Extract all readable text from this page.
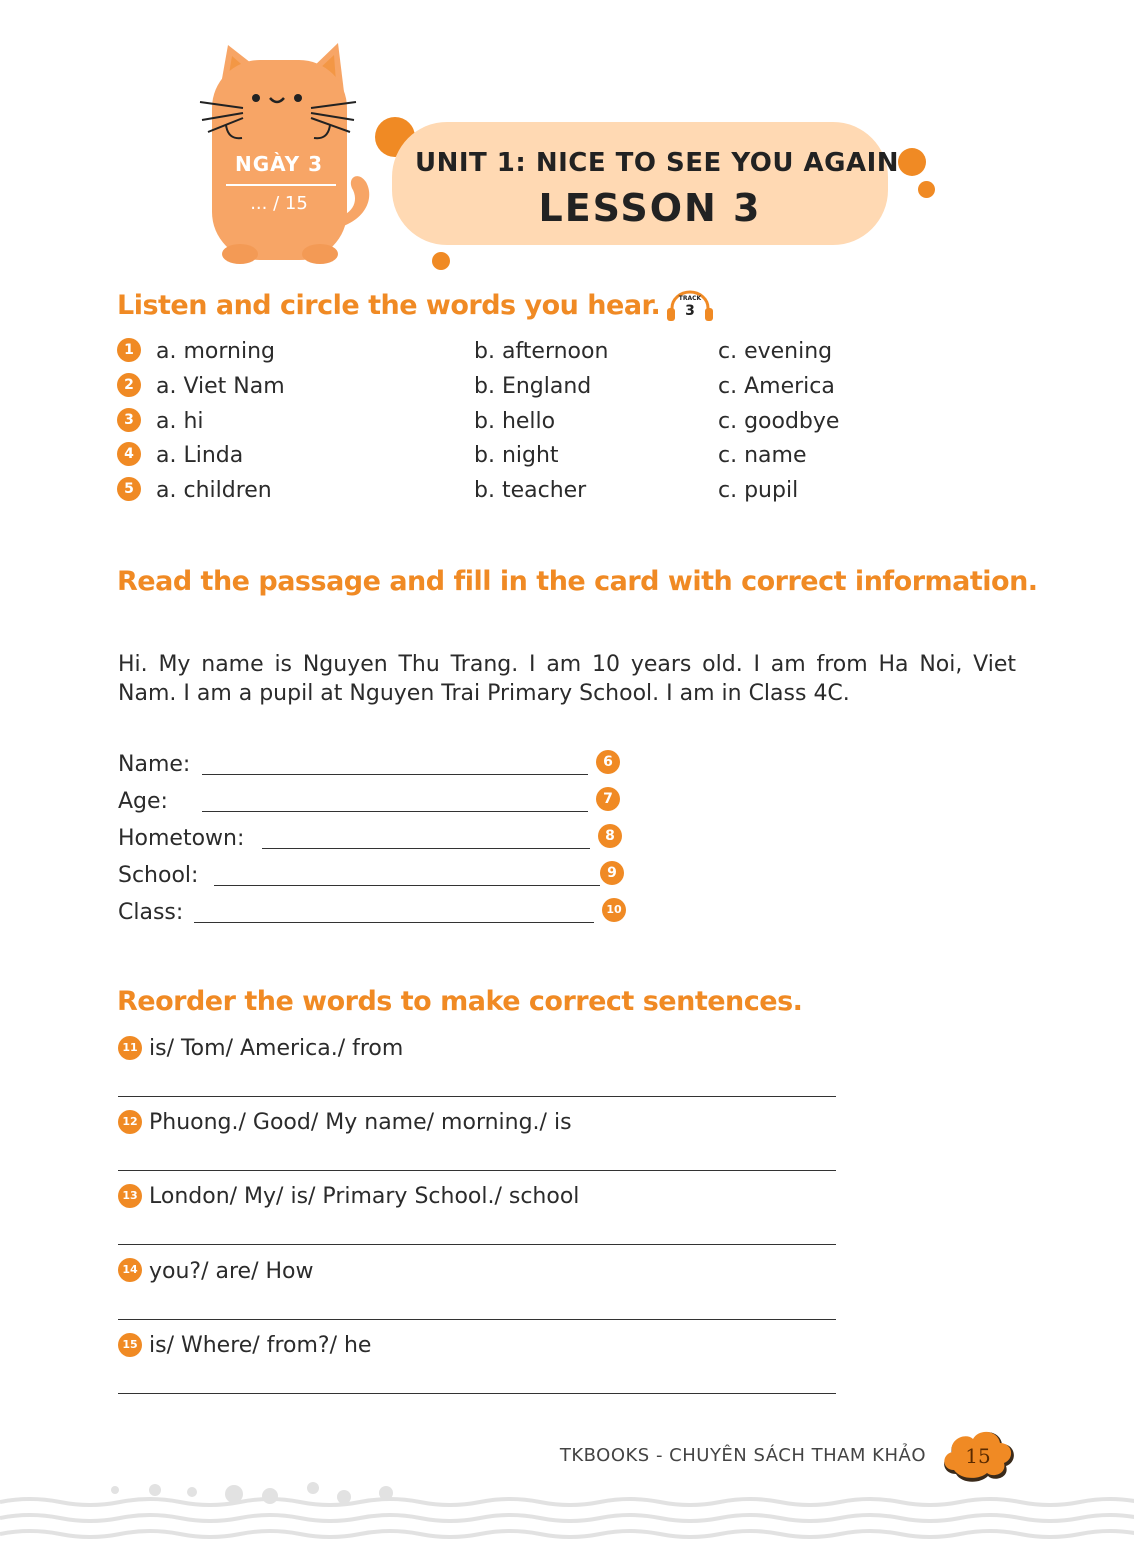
NGÀY 3
... / 15
UNIT 1: NICE TO SEE YOU AGAIN
LESSON 3
Listen and circle the words you hear.	TRACK
3
1	a. morning	b. afternoon	c. evening
2	a. Viet Nam	b. England	c. America
3	a. hi	b. hello	c. goodbye
4	a. Linda	b. night	c. name
5	a. children	b. teacher	c. pupil
Read the passage and fill in the card with correct information.
Hi. My name is Nguyen Thu Trang. I am 10 years old. I am from Ha Noi, Viet Nam. I am a pupil at Nguyen Trai Primary School. I am in Class 4C.
Name:	6
Age:	7
Hometown:	8
School:	9
Class:	10
Reorder the words to make correct sentences.
11 is/ Tom/ America./ from
12 Phuong./ Good/ My name/ morning./ is
13 London/ My/ is/ Primary School./ school
14 you?/ are/ How
15 is/ Where/ from?/ he
TKBOOKS - CHUYÊN SÁCH THAM KHẢO	15
